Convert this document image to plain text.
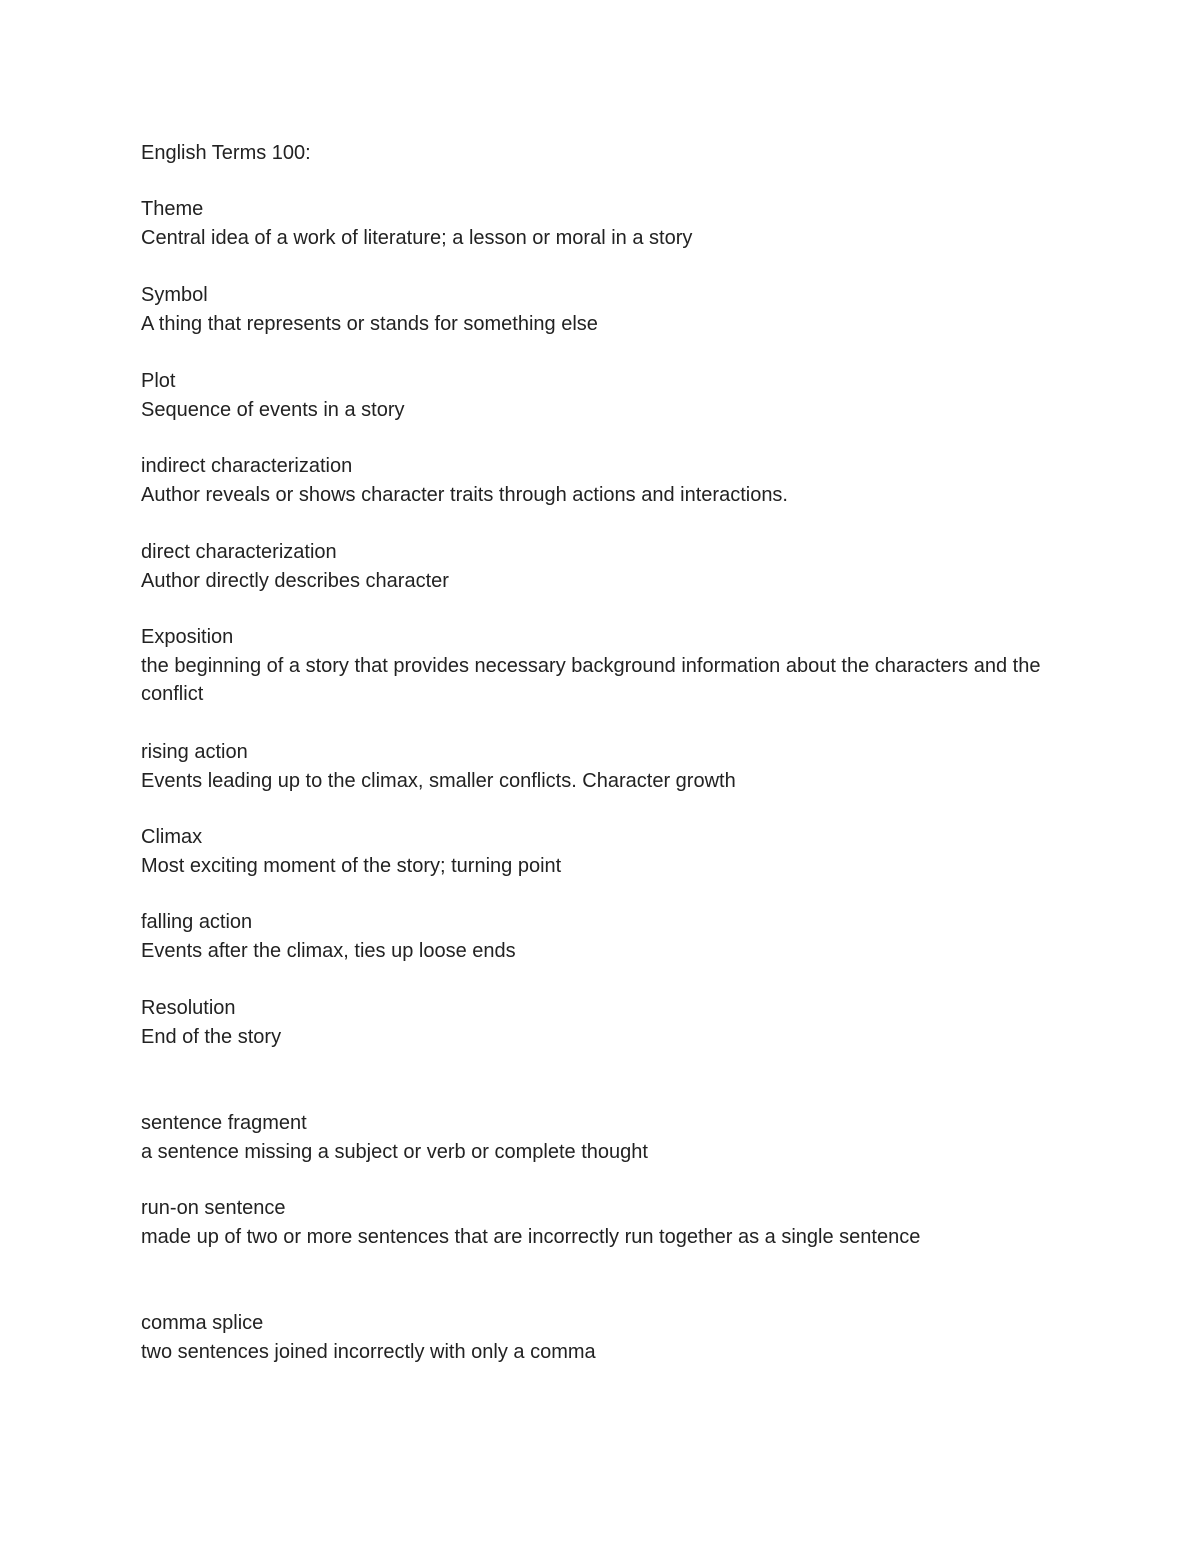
English Terms 100:
Theme
Central idea of a work of literature; a lesson or moral in a story
Symbol
A thing that represents or stands for something else
Plot
Sequence of events in a story
indirect characterization
Author reveals or shows character traits through actions and interactions.
direct characterization
Author directly describes character
Exposition
the beginning of a story that provides necessary background information about the characters and the conflict
rising action
Events leading up to the climax, smaller conflicts. Character growth
Climax
Most exciting moment of the story; turning point
falling action
Events after the climax, ties up loose ends
Resolution
End of the story
sentence fragment
a sentence missing a subject or verb or complete thought
run-on sentence
made up of two or more sentences that are incorrectly run together as a single sentence
comma splice
two sentences joined incorrectly with only a comma
